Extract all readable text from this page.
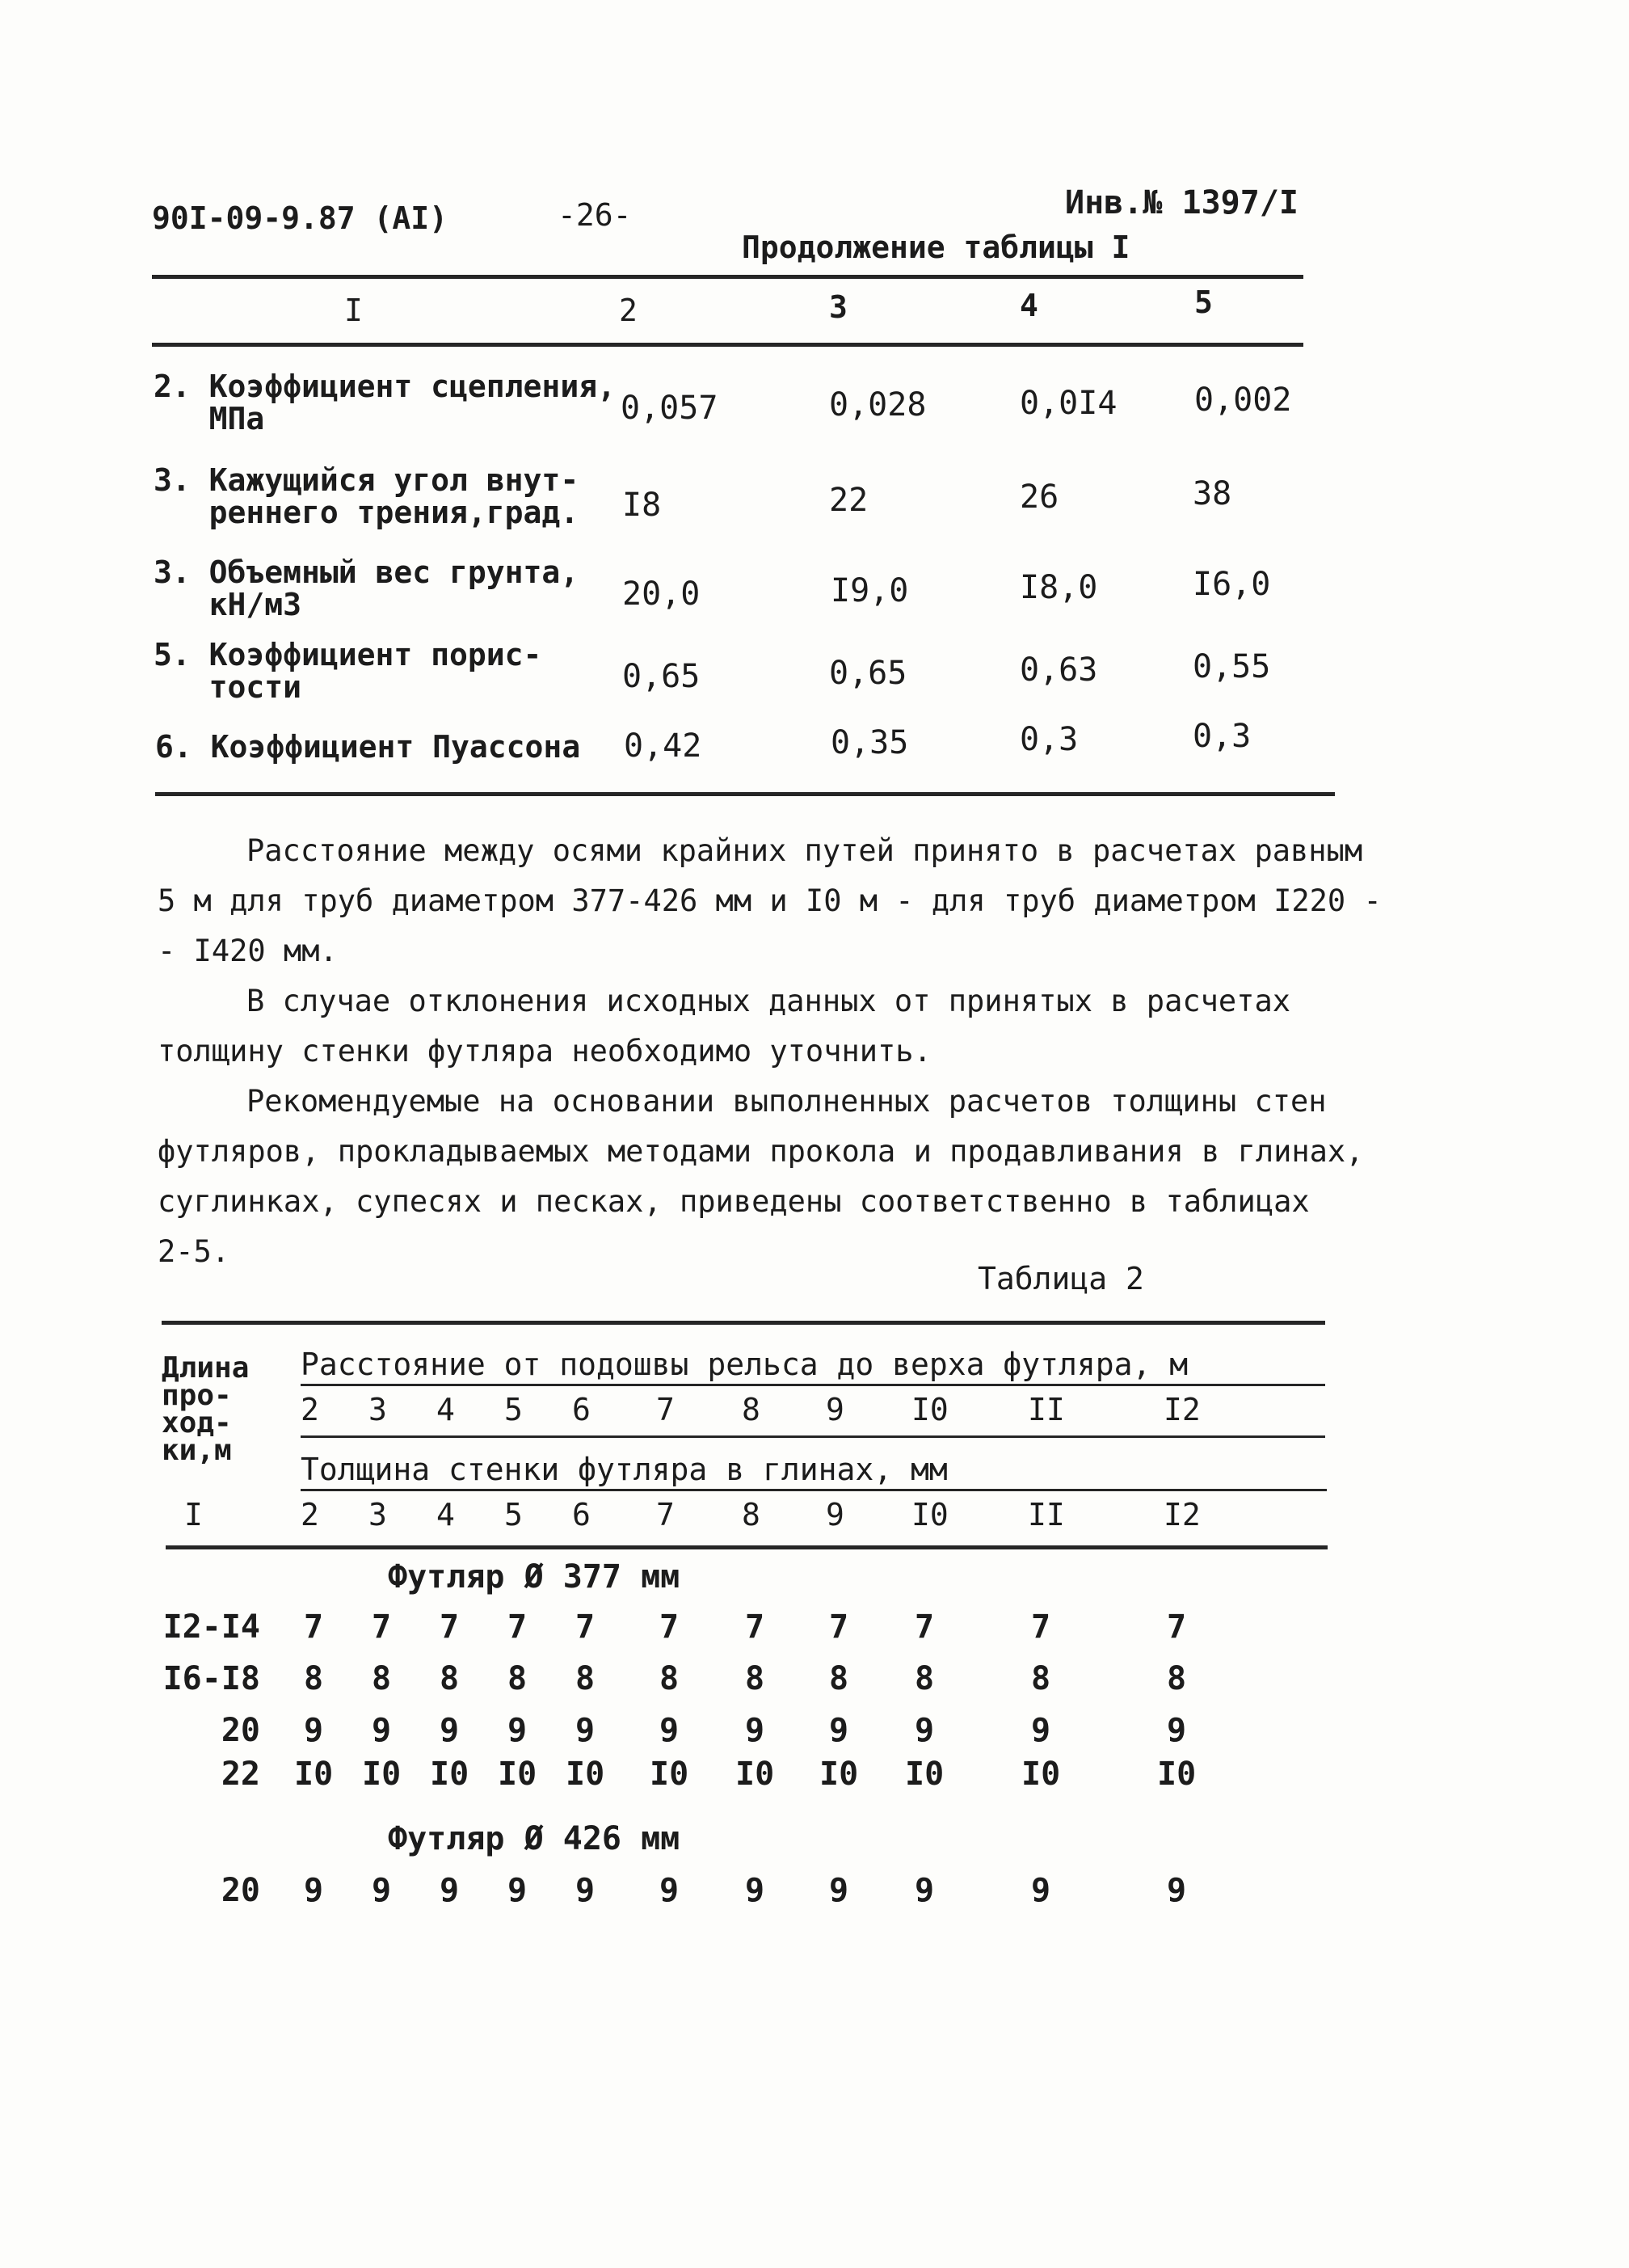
90I-09-9.87 (AI)	-26-	Инв.№ 1397/I
Продолжение таблицы I
I	2	3	4	5
2. Коэффициент сцепления,
МПа	0,057	0,028	0,0I4 0,002
3. Кажущийся угол внут-
реннего трения,град. I8	22	26	38
3. Объемный вес грунта,
кН/м3	20,0	I9,0	I8,0	I6,0
5. Коэффициент порис-
тости	0,65	0,65	0,63	0,55
6. Коэффициент Пуассона 0,42	0,35	0,3	0,3

Расстояние между осями крайних путей принято в расчетах равным
5 м для труб диаметром 377-426 мм и I0 м - для труб диаметром I220 -
- I420 мм.

В случае отклонения исходных данных от принятых в расчетах
толщину стенки футляра необходимо уточнить.

Рекомендуемые на основании выполненных расчетов толщины стен
футляров, прокладываемых методами прокола и продавливания в глинах,
суглинках, супесях и песках, приведены соответственно в таблицах
2-5.

Таблица 2
Длина
про-
ход-
ки,м
Расстояние от подошвы рельса до верха футляра, м
2 3 4 5 6 7 8 9 I0	II	I2
Толщина стенки футляра в глинах, мм
I	2 3 4 5 6 7 8 9 I0	II	I2
Футляр Ø 377 мм
I2-I4 7 7 7 7 7 7 7 7 7	7	7
I6-I8 8 8 8 8 8 8 8 8 8	8	8
20 9 9 9 9 9 9 9 9 9	9	9
22 I0 I0 I0 I0 I0 I0 I0 I0 I0 I0	I0
Футляр Ø 426 мм
20 9 9 9 9 9 9 9 9 9	9	9
